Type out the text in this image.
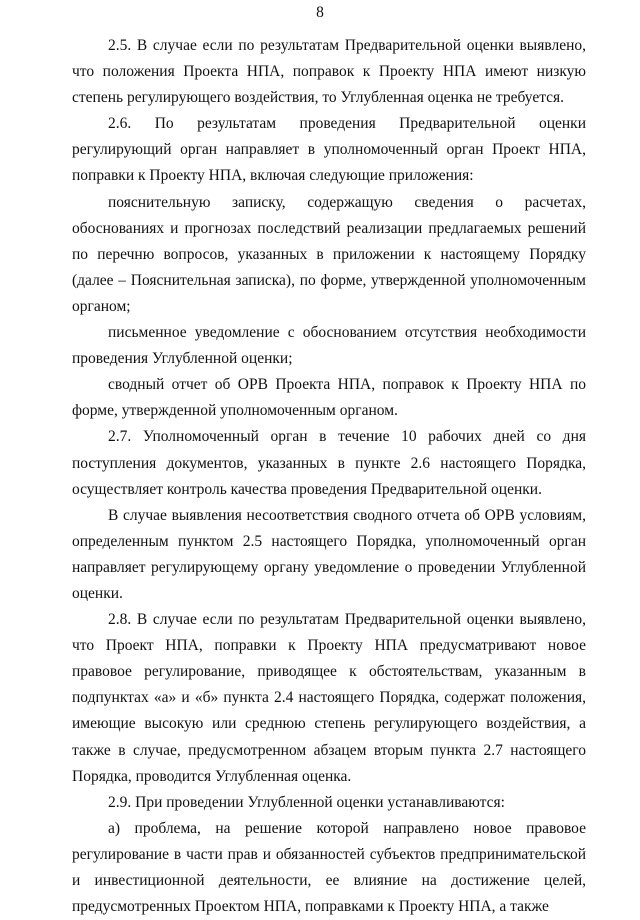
8

2.5. В случае если по результатам Предварительной оценки выявлено, что положения Проекта НПА, поправок к Проекту НПА имеют низкую степень регулирующего воздействия, то Углубленная оценка не требуется.

2.6. По результатам проведения Предварительной оценки регулирующий орган направляет в уполномоченный орган Проект НПА, поправки к Проекту НПА, включая следующие приложения:

пояснительную записку, содержащую сведения о расчетах, обоснованиях и прогнозах последствий реализации предлагаемых решений по перечню вопросов, указанных в приложении к настоящему Порядку (далее – Пояснительная записка), по форме, утвержденной уполномоченным органом;

письменное уведомление с обоснованием отсутствия необходимости проведения Углубленной оценки;

сводный отчет об ОРВ Проекта НПА, поправок к Проекту НПА по форме, утвержденной уполномоченным органом.

2.7. Уполномоченный орган в течение 10 рабочих дней со дня поступления документов, указанных в пункте 2.6 настоящего Порядка, осуществляет контроль качества проведения Предварительной оценки.

В случае выявления несоответствия сводного отчета об ОРВ условиям, определенным пунктом 2.5 настоящего Порядка, уполномоченный орган направляет регулирующему органу уведомление о проведении Углубленной оценки.

2.8. В случае если по результатам Предварительной оценки выявлено, что Проект НПА, поправки к Проекту НПА предусматривают новое правовое регулирование, приводящее к обстоятельствам, указанным в подпунктах «а» и «б» пункта 2.4 настоящего Порядка, содержат положения, имеющие высокую или среднюю степень регулирующего воздействия, а также в случае, предусмотренном абзацем вторым пункта 2.7 настоящего Порядка, проводится Углубленная оценка.

2.9. При проведении Углубленной оценки устанавливаются:

а) проблема, на решение которой направлено новое правовое регулирование в части прав и обязанностей субъектов предпринимательской и инвестиционной деятельности, ее влияние на достижение целей, предусмотренных Проектом НПА, поправками к Проекту НПА, а также
